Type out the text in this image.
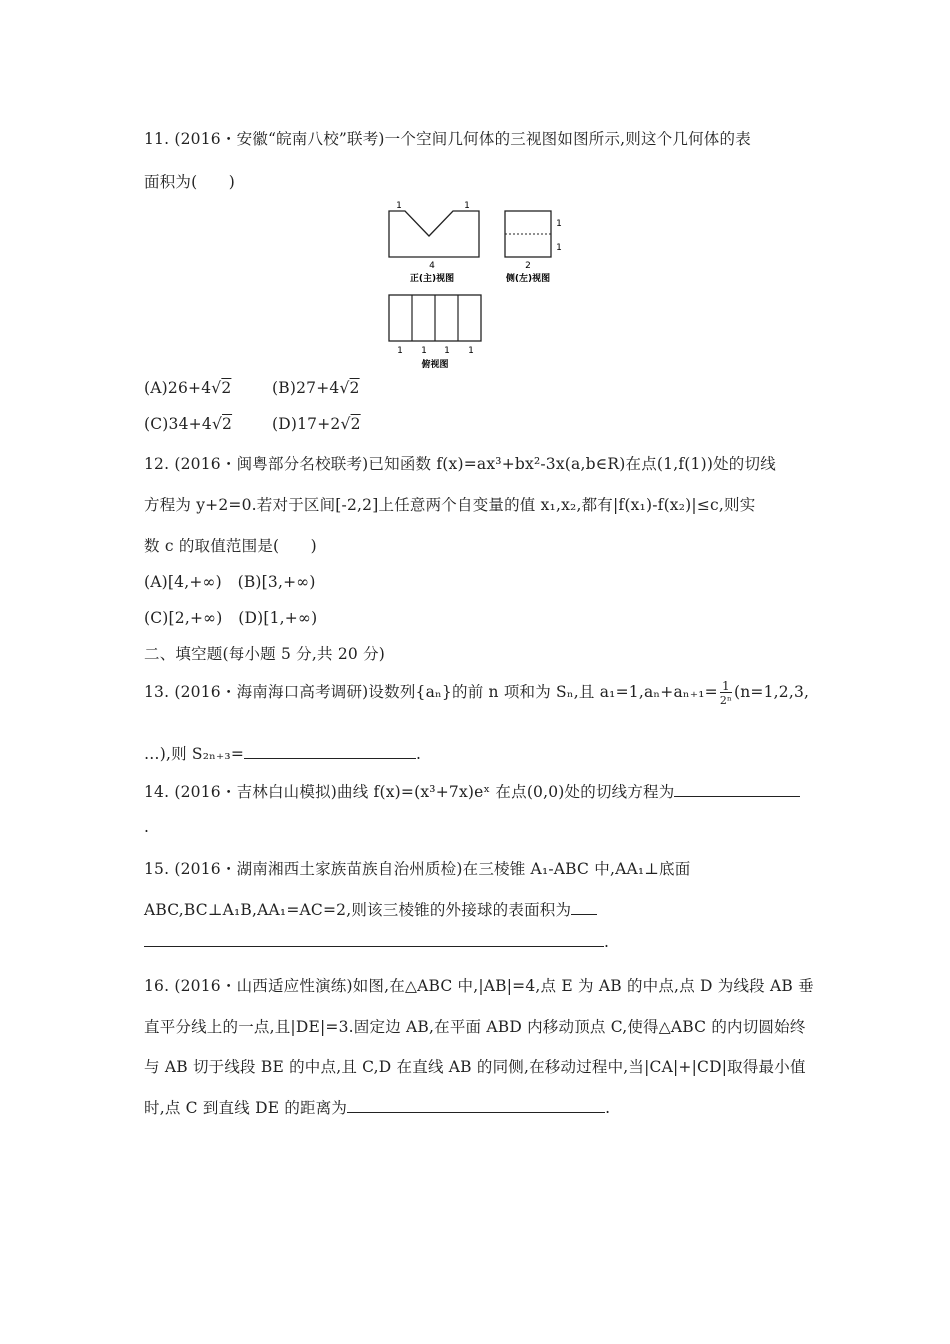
11. (2016・安徽“皖南八校”联考)一个空间几何体的三视图如图所示,则这个几何体的表
面积为(　　)
1	1
4
正(主)视图
1
1
2
侧(左)视图
1 1 1 1
俯视图
(A)26+4√2	(B)27+4√2
(C)34+4√2	(D)17+2√2
12. (2016・闽粤部分名校联考)已知函数 f(x)=ax³+bx²-3x(a,b∈R)在点(1,f(1))处的切线
方程为 y+2=0.若对于区间[-2,2]上任意两个自变量的值 x₁,x₂,都有|f(x₁)-f(x₂)|≤c,则实
数 c 的取值范围是(　　)
(A)[4,+∞)　(B)[3,+∞)
(C)[2,+∞)　(D)[1,+∞)
二、填空题(每小题 5 分,共 20 分)
13. (2016・海南海口高考调研)设数列{aₙ}的前 n 项和为 Sₙ,且 $a_1=1,a_n+a_{n+1}= \frac{1}{\text{2ⁿ}} (n=1,2,3$,
…),则 S₂ₙ₊₃=	.
14. (2016・吉林白山模拟)曲线 f(x)=(x³+7x)eˣ 在点(0,0)处的切线方程为
.
15. (2016・湖南湘西土家族苗族自治州质检)在三棱锥 A₁-ABC 中,AA₁⊥底面
ABC,BC⊥A₁B,AA₁=AC=2,则该三棱锥的外接球的表面积为
.
16. (2016・山西适应性演练)如图,在△ABC 中,|AB|=4,点 E 为 AB 的中点,点 D 为线段 AB 垂
直平分线上的一点,且|DE|=3.固定边 AB,在平面 ABD 内移动顶点 C,使得△ABC 的内切圆始终
与 AB 切于线段 BE 的中点,且 C,D 在直线 AB 的同侧,在移动过程中,当|CA|+|CD|取得最小值
时,点 C 到直线 DE 的距离为	.
